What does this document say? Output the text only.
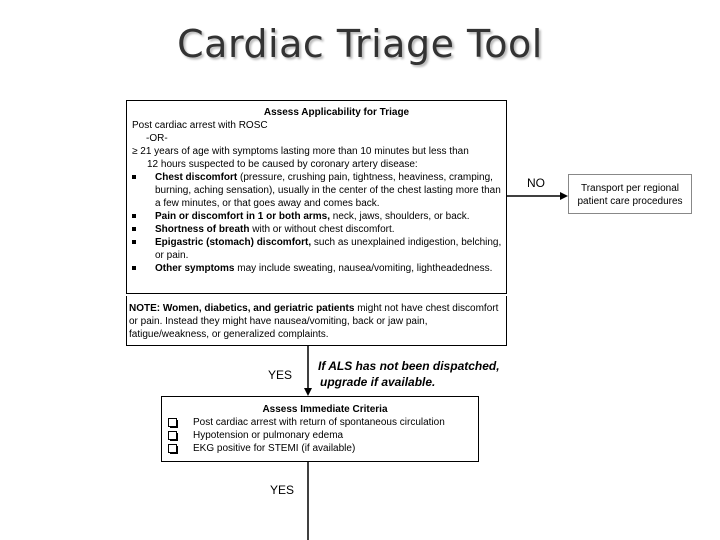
Cardiac Triage Tool
Assess Applicability for Triage
Post cardiac arrest with ROSC
-OR-
≥ 21 years of age with symptoms lasting more than 10 minutes but less than
12 hours suspected to be caused by coronary artery disease:
Chest discomfort (pressure, crushing pain, tightness, heaviness, cramping, burning, aching sensation), usually in the center of the chest lasting more than a few minutes, or that goes away and comes back.
Pain or discomfort in 1 or both arms, neck, jaws, shoulders, or back.
Shortness of breath with or without chest discomfort.
Epigastric (stomach) discomfort, such as unexplained indigestion, belching, or pain.
Other symptoms may include sweating, nausea/vomiting, lightheadedness.
NOTE: Women, diabetics, and geriatric patients might not have chest discomfort or pain. Instead they might have nausea/vomiting, back or jaw pain, fatigue/weakness, or generalized complaints.
NO	Transport per regional
patient care procedures
YES
If ALS has not been dispatched,
upgrade if available.
Assess Immediate Criteria
Post cardiac arrest with return of spontaneous circulation
Hypotension or pulmonary edema
EKG positive for STEMI (if available)
YES
